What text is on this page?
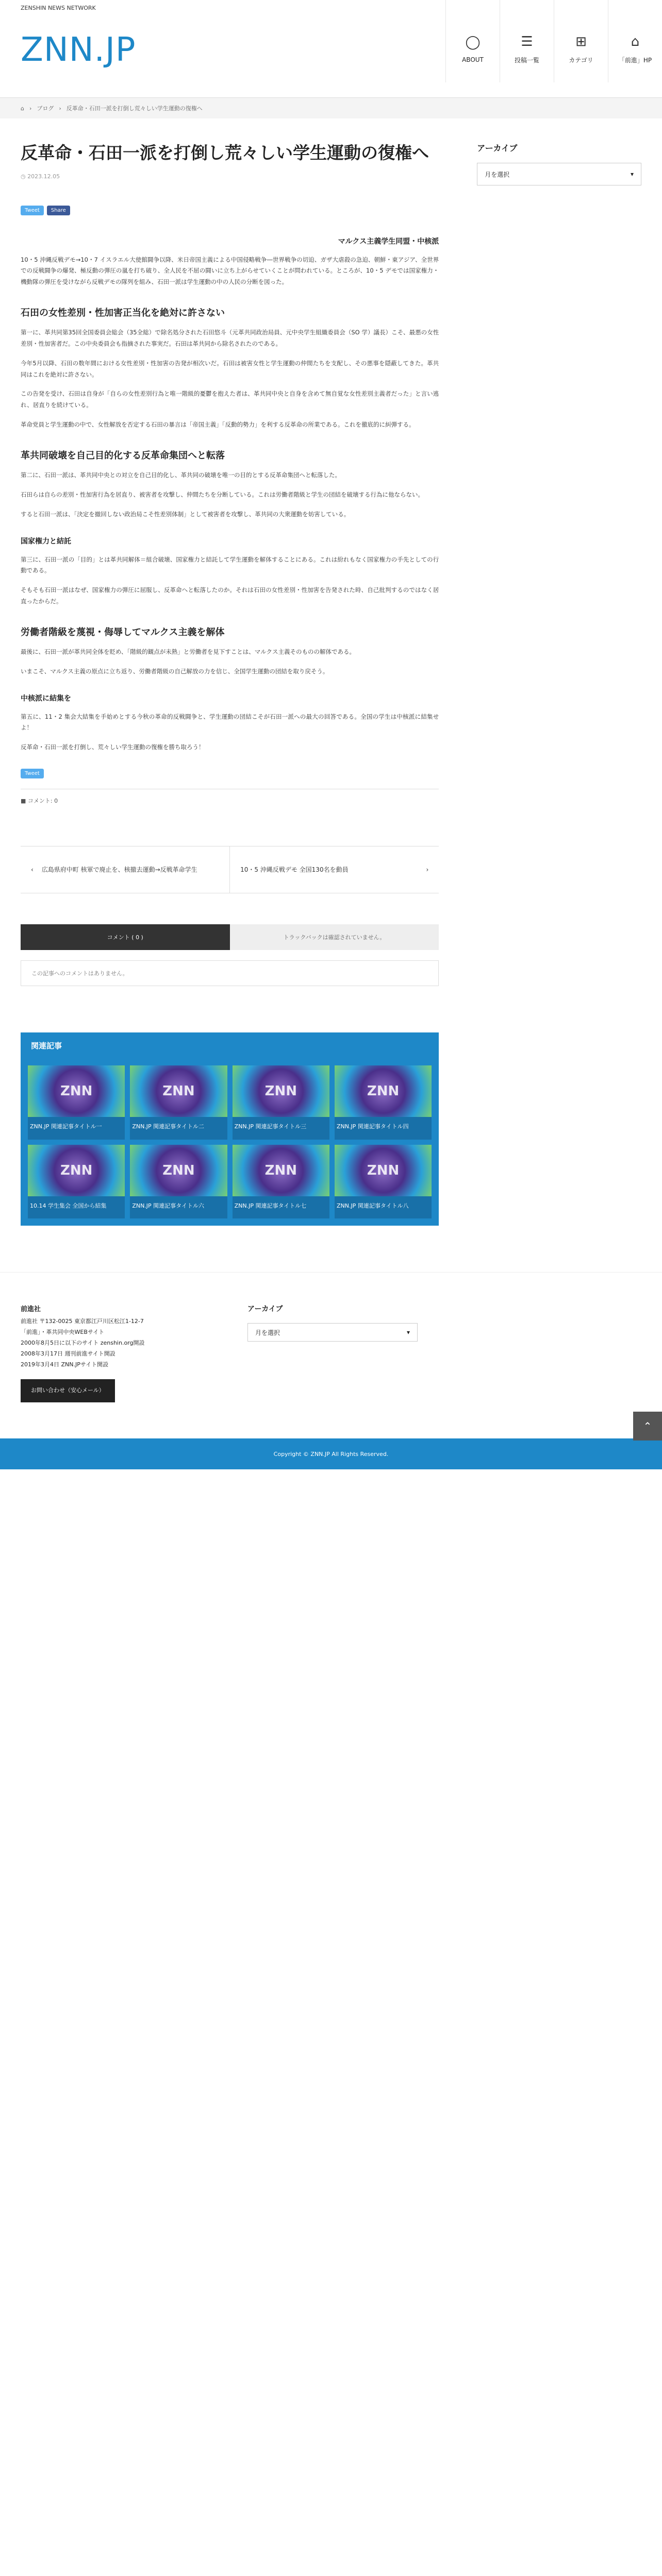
ZENSHIN NEWS NETWORK
ZNN.JP	◯
ABOUT
☰
投稿一覧
⊞
カテゴリ
⌂
「前進」HP
⌂ › ブログ › 反革命・石田一派を打倒し荒々しい学生運動の復権へ
反革命・石田一派を打倒し荒々しい学生運動の復権へ
◷ 2023.12.05
Tweet	Share
マルクス主義学生同盟・中核派

10・5 沖縄反戦デモ→10・7 イスラエル大使館闘争以降、米日帝国主義による中国侵略戦争―世界戦争の切迫、ガザ大虐殺の急迫、朝鮮・東アジア、全世界での反戦闘争の爆発、極反動の弾圧の嵐を打ち破り、全人民を不屈の闘いに立ち上がらせていくことが問われている。ところが、10・5 デモでは国家権力・機動隊の弾圧を受けながら反戦デモの隊列を組み、石田一派は学生運動の中の人民の分断を図った。

石田の女性差別・性加害正当化を絶対に許さない

第一に、革共同第35回全国委員会総会（35全総）で除名処分された石田悠斗（元革共同政治局員、元中央学生組織委員会（SO 学）議長）こそ、最悪の女性差別・性加害者だ。この中央委員会も指摘された事実だ。石田は革共同から除名されたのである。

今年5月以降、石田の数年間における女性差別・性加害の告発が相次いだ。石田は被害女性と学生運動の仲間たちを支配し、その悪事を隠蔽してきた。革共同はこれを絶対に許さない。

この告発を受け、石田は自身が「自らの女性差別行為と唯一階級的憂鬱を抱えた者は、革共同中央と自身を含めて無自覚な女性差別主義者だった」と言い逃れ、居直りを続けている。

革命党員と学生運動の中で、女性解放を否定する石田の暴言は「帝国主義」「反動的勢力」を利する反革命の所業である。これを徹底的に糾弾する。

革共同破壊を自己目的化する反革命集団へと転落

第二に、石田一派は、革共同中央との対立を自己目的化し、革共同の破壊を唯一の目的とする反革命集団へと転落した。

石田らは自らの差別・性加害行為を居直り、被害者を攻撃し、仲間たちを分断している。これは労働者階級と学生の団結を破壊する行為に他ならない。

すると石田一派は、「決定を撤回しない政治局こそ性差別体制」として被害者を攻撃し、革共同の大衆運動を妨害している。

国家権力と結託

第三に、石田一派の「目的」とは革共同解体＝組合破壊、国家権力と結託して学生運動を解体することにある。これは紛れもなく国家権力の手先としての行動である。

そもそも石田一派はなぜ、国家権力の弾圧に屈服し、反革命へと転落したのか。それは石田の女性差別・性加害を告発された時、自己批判するのではなく居直ったからだ。

労働者階級を蔑視・侮辱してマルクス主義を解体

最後に、石田一派が革共同全体を貶め、「階級的観点が未熟」と労働者を見下すことは、マルクス主義そのものの解体である。

いまこそ、マルクス主義の原点に立ち返り、労働者階級の自己解放の力を信じ、全国学生運動の団結を取り戻そう。

中核派に結集を

第五に、11・2 集会大結集を手始めとする今秋の革命的反戦闘争と、学生運動の団結こそが石田一派への最大の回答である。全国の学生は中核派に結集せよ！

反革命・石田一派を打倒し、荒々しい学生運動の復権を勝ち取ろう！

Tweet
■ コメント: 0
‹ 広島県府中町 核軍で廃止を、核撤去運動→反戦革命学生	10・5 沖縄反戦デモ 全国130名を動員	›
コメント ( 0 )	トラックバックは確認されていません。
この記事へのコメントはありません。
関連記事
ZNN
ZNN.JP 関連記事タイトル一
ZNN
ZNN.JP 関連記事タイトル二
ZNN
ZNN.JP 関連記事タイトル三
ZNN
ZNN.JP 関連記事タイトル四
ZNN
10.14 学生集会 全国から結集
ZNN
ZNN.JP 関連記事タイトル六
ZNN
ZNN.JP 関連記事タイトル七
ZNN
ZNN.JP 関連記事タイトル八
アーカイブ
月を選択	▾
⌃
前進社
前進社 〒132-0025 東京都江戸川区松江1-12-7
「前進」・革共同中央WEBサイト
2000年8月5日に以下のサイト zenshin.org開設
2008年3月17日 週刊前進サイト開設
2019年3月4日 ZNN.JPサイト開設
お問い合わせ（安心メール）
アーカイブ
月を選択	▾
Copyright © ZNN.JP All Rights Reserved.
